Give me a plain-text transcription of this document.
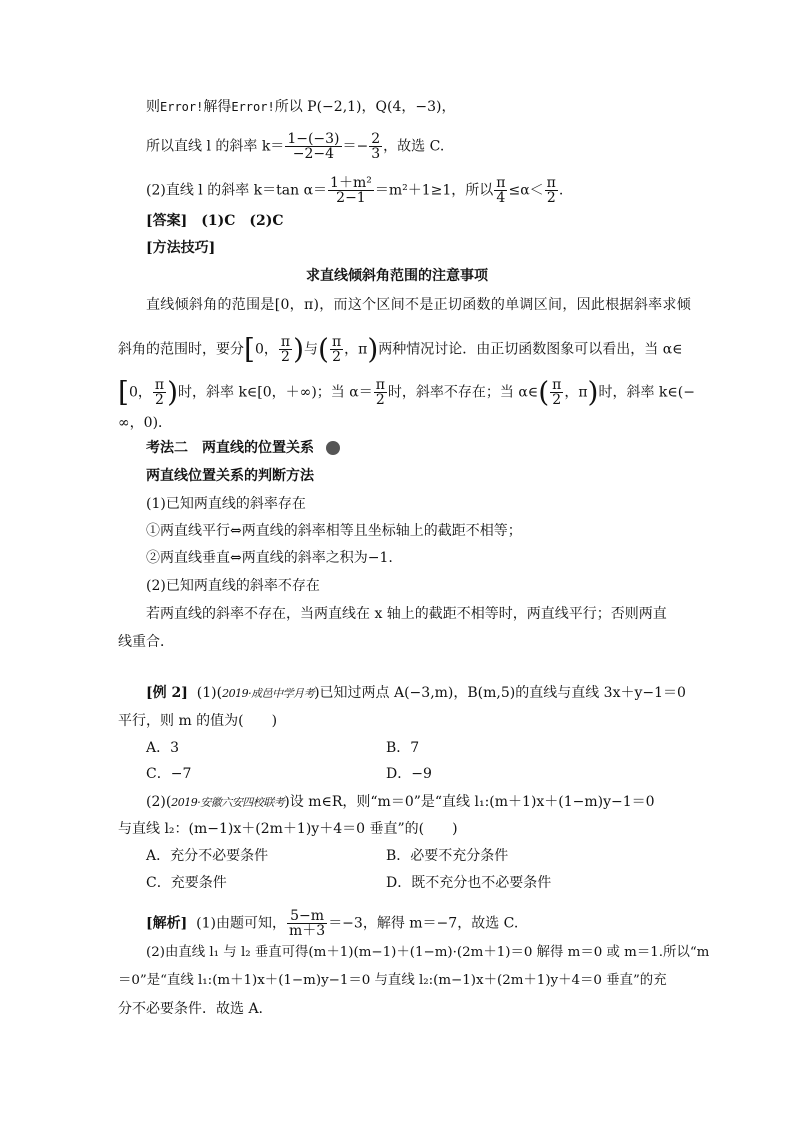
则Error!解得Error!所以 P(−2,1)，Q(4，−3)，
所以直线 l 的斜率 $k= \frac{1-(-3)}{-2-4} =- \frac{2}{3}$ ，故选 C.
(2)直线 l 的斜率 k＝tan $\alpha= \frac{\text{1＋m²}}{2-1} =m^2+1\ge 1$，所以 $\frac{\pi}{4} \le\alpha< \frac{\pi}{2}$ .
[答案]　(1)C　(2)C
[方法技巧]
求直线倾斜角范围的注意事项
直线倾斜角的范围是[0，π)，而这个区间不是正切函数的单调区间，因此根据斜率求倾
斜角的范围时，要分[0， $\frac{\pi}{2}$ )与( $\frac{\pi}{2}$ ，π)两种情况讨论．由正切函数图象可以看出，当 α∈
[0， $\frac{\pi}{2}$ )时，斜率 k∈[0，＋∞)；当 $\alpha= \frac{\pi}{2}$ 时，斜率不存在；当 α∈( $\frac{\pi}{2}$ ，π)时，斜率 k∈(−
∞，0)．
考法二　两直线的位置关系
两直线位置关系的判断方法
(1)已知两直线的斜率存在
①两直线平行⇔两直线的斜率相等且坐标轴上的截距不相等；
②两直线垂直⇔两直线的斜率之积为−1.
(2)已知两直线的斜率不存在
若两直线的斜率不存在，当两直线在 x 轴上的截距不相等时，两直线平行；否则两直
线重合．
[例 2] (1)(2019·成邑中学月考)已知过两点 A(−3,m)，B(m,5)的直线与直线 3x＋y−1＝0
平行，则 m 的值为(　　)
A．3	B．7
C．−7	D．−9
(2)(2019·安徽六安四校联考)设 m∈R，则“m＝0”是“直线 l₁:(m＋1)x＋(1−m)y−1＝0
与直线 l₂：(m−1)x＋(2m＋1)y＋4＝0 垂直”的(　　)
A．充分不必要条件	B．必要不充分条件
C．充要条件	D．既不充分也不必要条件
[解析] (1)由题可知， $\frac{5-m}{m+3} =-3$，解得 m＝−7，故选 C.
(2)由直线 l₁ 与 l₂ 垂直可得(m＋1)(m−1)＋(1−m)·(2m＋1)＝0 解得 m＝0 或 m＝1.所以“m
＝0”是“直线 l₁:(m＋1)x＋(1−m)y−1＝0 与直线 l₂:(m−1)x＋(2m＋1)y＋4＝0 垂直”的充
分不必要条件．故选 A.
